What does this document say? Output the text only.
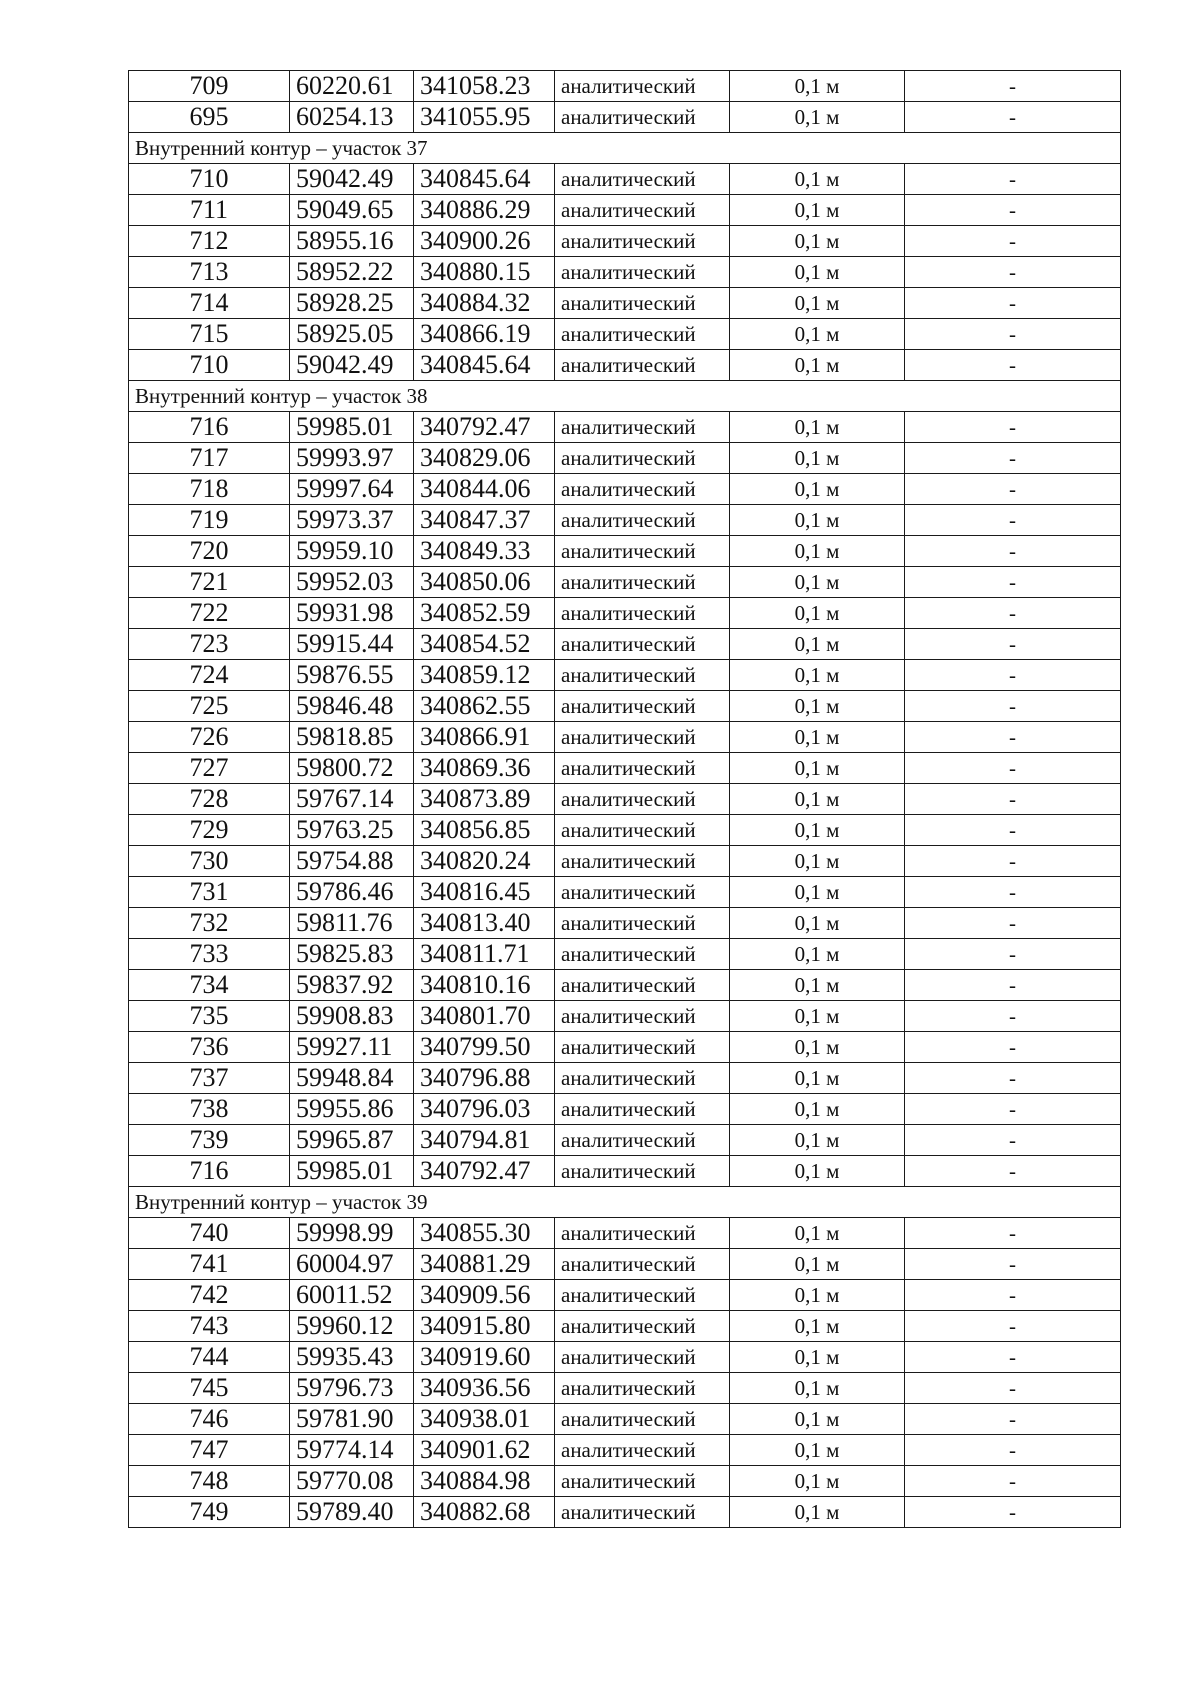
709	60220.61	341058.23	аналитический	0,1 м	-
695	60254.13	341055.95	аналитический	0,1 м	-
Внутренний контур – участок 37					
710	59042.49	340845.64	аналитический	0,1 м	-
711	59049.65	340886.29	аналитический	0,1 м	-
712	58955.16	340900.26	аналитический	0,1 м	-
713	58952.22	340880.15	аналитический	0,1 м	-
714	58928.25	340884.32	аналитический	0,1 м	-
715	58925.05	340866.19	аналитический	0,1 м	-
710	59042.49	340845.64	аналитический	0,1 м	-
Внутренний контур – участок 38					
716	59985.01	340792.47	аналитический	0,1 м	-
717	59993.97	340829.06	аналитический	0,1 м	-
718	59997.64	340844.06	аналитический	0,1 м	-
719	59973.37	340847.37	аналитический	0,1 м	-
720	59959.10	340849.33	аналитический	0,1 м	-
721	59952.03	340850.06	аналитический	0,1 м	-
722	59931.98	340852.59	аналитический	0,1 м	-
723	59915.44	340854.52	аналитический	0,1 м	-
724	59876.55	340859.12	аналитический	0,1 м	-
725	59846.48	340862.55	аналитический	0,1 м	-
726	59818.85	340866.91	аналитический	0,1 м	-
727	59800.72	340869.36	аналитический	0,1 м	-
728	59767.14	340873.89	аналитический	0,1 м	-
729	59763.25	340856.85	аналитический	0,1 м	-
730	59754.88	340820.24	аналитический	0,1 м	-
731	59786.46	340816.45	аналитический	0,1 м	-
732	59811.76	340813.40	аналитический	0,1 м	-
733	59825.83	340811.71	аналитический	0,1 м	-
734	59837.92	340810.16	аналитический	0,1 м	-
735	59908.83	340801.70	аналитический	0,1 м	-
736	59927.11	340799.50	аналитический	0,1 м	-
737	59948.84	340796.88	аналитический	0,1 м	-
738	59955.86	340796.03	аналитический	0,1 м	-
739	59965.87	340794.81	аналитический	0,1 м	-
716	59985.01	340792.47	аналитический	0,1 м	-
Внутренний контур – участок 39					
740	59998.99	340855.30	аналитический	0,1 м	-
741	60004.97	340881.29	аналитический	0,1 м	-
742	60011.52	340909.56	аналитический	0,1 м	-
743	59960.12	340915.80	аналитический	0,1 м	-
744	59935.43	340919.60	аналитический	0,1 м	-
745	59796.73	340936.56	аналитический	0,1 м	-
746	59781.90	340938.01	аналитический	0,1 м	-
747	59774.14	340901.62	аналитический	0,1 м	-
748	59770.08	340884.98	аналитический	0,1 м	-
749	59789.40	340882.68	аналитический	0,1 м	-
